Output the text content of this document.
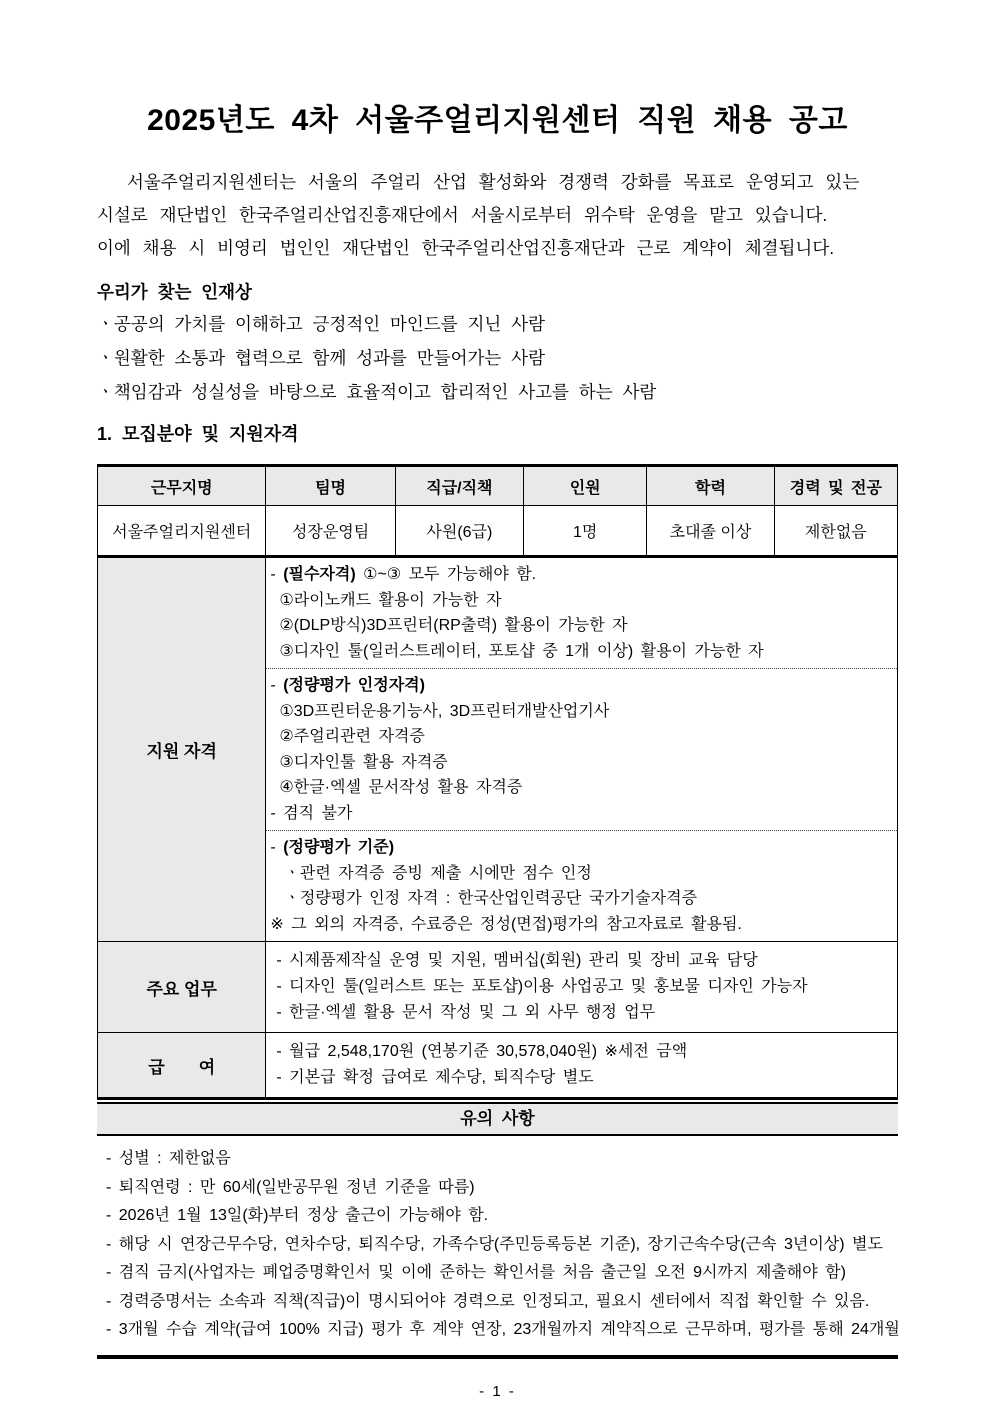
2025년도 4차 서울주얼리지원센터 직원 채용 공고
서울주얼리지원센터는 서울의 주얼리 산업 활성화와 경쟁력 강화를 목표로 운영되고 있는
시설로 재단법인 한국주얼리산업진흥재단에서 서울시로부터 위수탁 운영을 맡고 있습니다.
이에 채용 시 비영리 법인인 재단법인 한국주얼리산업진흥재단과 근로 계약이 체결됩니다.
우리가 찾는 인재상
ㆍ공공의 가치를 이해하고 긍정적인 마인드를 지닌 사람
ㆍ원활한 소통과 협력으로 함께 성과를 만들어가는 사람
ㆍ책임감과 성실성을 바탕으로 효율적이고 합리적인 사고를 하는 사람
1. 모집분야 및 지원자격
근무지명	팀명	직급/직책	인원	학력	경력 및 전공
서울주얼리지원센터	성장운영팀	사원(6급)	1명	초대졸 이상	제한없음
지원 자격	
- (필수자격) ①~③ 모두 가능해야 함.
①라이노캐드 활용이 가능한 자
②(DLP방식)3D프린터(RP출력) 활용이 가능한 자
③디자인 툴(일러스트레이터, 포토샵 중 1개 이상) 활용이 가능한 자
- (정량평가 인정자격)
①3D프린터운용기능사, 3D프린터개발산업기사
②주얼리관련 자격증
③디자인툴 활용 자격증
④한글·엑셀 문서작성 활용 자격증
- 겸직 불가
- (정량평가 기준)
ㆍ관련 자격증 증빙 제출 시에만 점수 인정
ㆍ정량평가 인정 자격 : 한국산업인력공단 국가기술자격증
※ 그 외의 자격증, 수료증은 정성(면접)평가의 참고자료로 활용됨.

주요 업무	- 시제품제작실 운영 및 지원, 멤버십(회원) 관리 및 장비 교육 담당
- 디자인 툴(일러스트 또는 포토샵)이용 사업공고 및 홍보물 디자인 가능자
- 한글·엑셀 활용 문서 작성 및 그 외 사무 행정 업무				

급　　여	- 월급 2,548,170원 (연봉기준 30,578,040원) ※세전 금액
- 기본급 확정 급여로 제수당, 퇴직수당 별도				
유의 사항
- 성별 : 제한없음
- 퇴직연령 : 만 60세(일반공무원 정년 기준을 따름)
- 2026년 1월 13일(화)부터 정상 출근이 가능해야 함.
- 해당 시 연장근무수당, 연차수당, 퇴직수당, 가족수당(주민등록등본 기준), 장기근속수당(근속 3년이상) 별도
- 겸직 금지(사업자는 폐업증명확인서 및 이에 준하는 확인서를 처음 출근일 오전 9시까지 제출해야 함)
- 경력증명서는 소속과 직책(직급)이 명시되어야 경력으로 인정되고, 필요시 센터에서 직접 확인할 수 있음.
- 3개월 수습 계약(급여 100% 지급) 평가 후 계약 연장, 23개월까지 계약직으로 근무하며, 평가를 통해 24개월
- 1 -
